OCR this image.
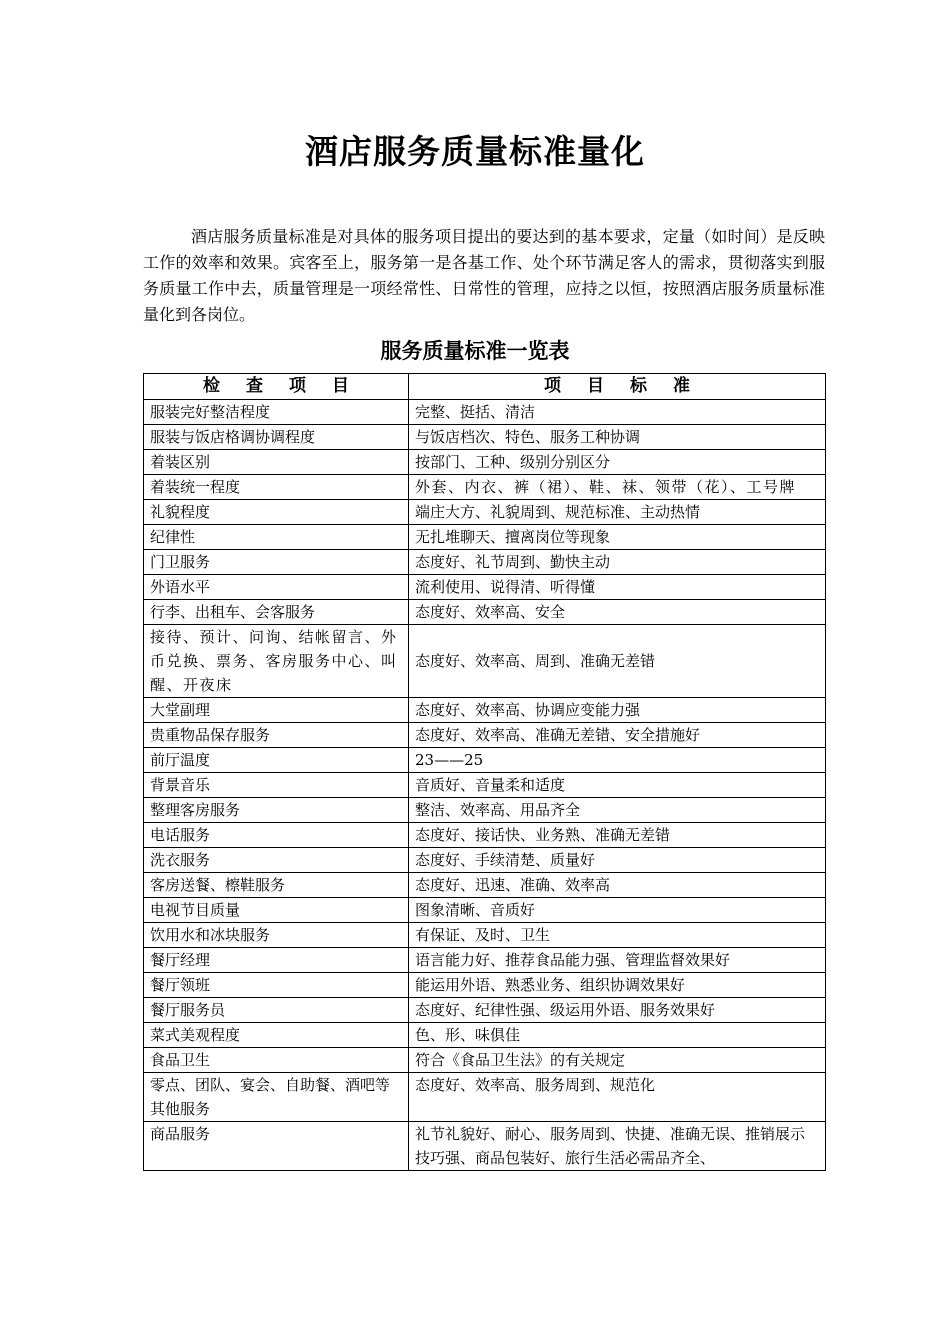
酒店服务质量标准量化

酒店服务质量标准是对具体的服务项目提出的要达到的基本要求，定量（如时间）是反映工作的效率和效果。宾客至上，服务第一是各基工作、处个环节满足客人的需求，贯彻落实到服务质量工作中去，质量管理是一项经常性、日常性的管理，应持之以恒，按照酒店服务质量标准量化到各岗位。

服务质量标准一览表
检查项目	项目标准
服装完好整洁程度	完整、挺括、清洁
服装与饭店格调协调程度	与饭店档次、特色、服务工种协调
着装区别	按部门、工种、级别分别区分
着装统一程度	外套、内衣、裤（裙）、鞋、袜、领带（花）、工号牌
礼貌程度	端庄大方、礼貌周到、规范标准、主动热情
纪律性	无扎堆聊天、擅离岗位等现象
门卫服务	态度好、礼节周到、勤快主动
外语水平	流利使用、说得清、听得懂
行李、出租车、会客服务	态度好、效率高、安全
接待、预计、问询、结帐留言、外币兑换、票务、客房服务中心、叫醒、开夜床	态度好、效率高、周到、准确无差错
大堂副理	态度好、效率高、协调应变能力强
贵重物品保存服务	态度好、效率高、准确无差错、安全措施好
前厅温度	23——25
背景音乐	音质好、音量柔和适度
整理客房服务	整洁、效率高、用品齐全
电话服务	态度好、接话快、业务熟、准确无差错
洗衣服务	态度好、手续清楚、质量好
客房送餐、檫鞋服务	态度好、迅速、准确、效率高
电视节目质量	图象清晰、音质好
饮用水和冰块服务	有保证、及时、卫生
餐厅经理	语言能力好、推荐食品能力强、管理监督效果好
餐厅领班	能运用外语、熟悉业务、组织协调效果好
餐厅服务员	态度好、纪律性强、级运用外语、服务效果好
菜式美观程度	色、形、味俱佳
食品卫生	符合《食品卫生法》的有关规定
零点、团队、宴会、自助餐、酒吧等其他服务	态度好、效率高、服务周到、规范化
商品服务	礼节礼貌好、耐心、服务周到、快捷、准确无误、推销展示技巧强、商品包装好、旅行生活必需品齐全、
